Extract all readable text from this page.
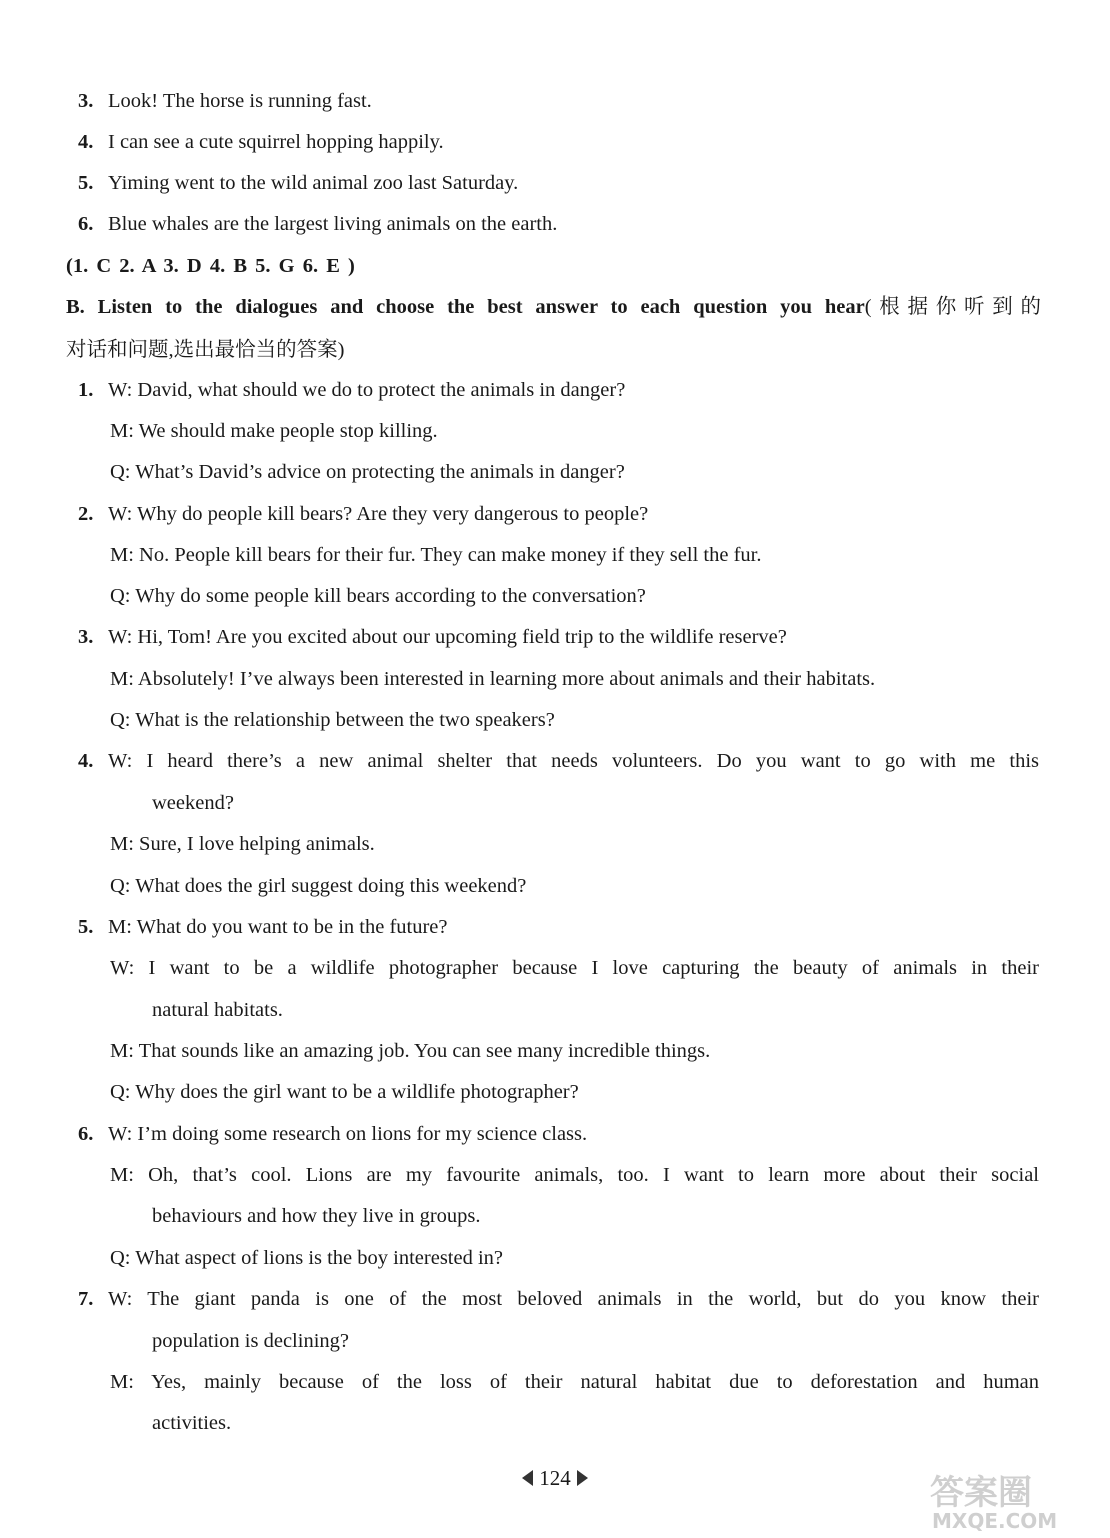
3. Look! The horse is running fast.
4. I can see a cute squirrel hopping happily.
5. Yiming went to the wild animal zoo last Saturday.
6. Blue whales are the largest living animals on the earth.
(1. C 2. A 3. D 4. B 5. G 6. E )
B. Listen to the dialogues and choose the best answer to each question you hear(根据你听到的
对话和问题,选出最恰当的答案)
1. W: David, what should we do to protect the animals in danger?
M: We should make people stop killing.
Q: What’s David’s advice on protecting the animals in danger?
2. W: Why do people kill bears? Are they very dangerous to people?
M: No. People kill bears for their fur. They can make money if they sell the fur.
Q: Why do some people kill bears according to the conversation?
3. W: Hi, Tom! Are you excited about our upcoming field trip to the wildlife reserve?
M: Absolutely! I’ve always been interested in learning more about animals and their habitats.
Q: What is the relationship between the two speakers?
4. W: I heard there’s a new animal shelter that needs volunteers. Do you want to go with me this
weekend?
M: Sure, I love helping animals.
Q: What does the girl suggest doing this weekend?
5. M: What do you want to be in the future?
W: I want to be a wildlife photographer because I love capturing the beauty of animals in their
natural habitats.
M: That sounds like an amazing job. You can see many incredible things.
Q: Why does the girl want to be a wildlife photographer?
6. W: I’m doing some research on lions for my science class.
M: Oh, that’s cool. Lions are my favourite animals, too. I want to learn more about their social
behaviours and how they live in groups.
Q: What aspect of lions is the boy interested in?
7. W: The giant panda is one of the most beloved animals in the world, but do you know their
population is declining?
M: Yes, mainly because of the loss of their natural habitat due to deforestation and human
activities.
124	答案圈
MXQE.COM
